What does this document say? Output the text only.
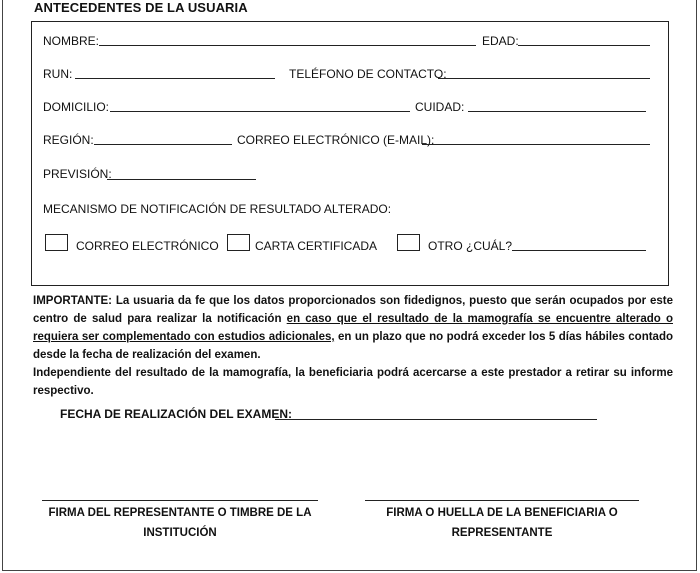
ANTECEDENTES DE LA USUARIA
NOMBRE:	EDAD:
RUN:	TELÉFONO DE CONTACTO:
DOMICILIO:	CUIDAD:
REGIÓN:	CORREO ELECTRÓNICO (E-MAIL):
PREVISIÓN:
MECANISMO DE NOTIFICACIÓN DE RESULTADO ALTERADO:
CORREO ELECTRÓNICO	CARTA CERTIFICADA	OTRO ¿CUÁL?

IMPORTANTE: La usuaria da fe que los datos proporcionados son fidedignos, puesto que serán ocupados por este centro de salud para realizar la notificación en caso que el resultado de la mamografía se encuentre alterado o requiera ser complementado con estudios adicionales, en un plazo que no podrá exceder los 5 días hábiles contado desde la fecha de realización del examen.

Independiente del resultado de la mamografía, la beneficiaria podrá acercarse a este prestador a retirar su informe respectivo.

FECHA DE REALIZACIÓN DEL EXAMEN:
FIRMA DEL REPRESENTANTE O TIMBRE DE LA INSTITUCIÓN
FIRMA O HUELLA DE LA BENEFICIARIA O REPRESENTANTE
